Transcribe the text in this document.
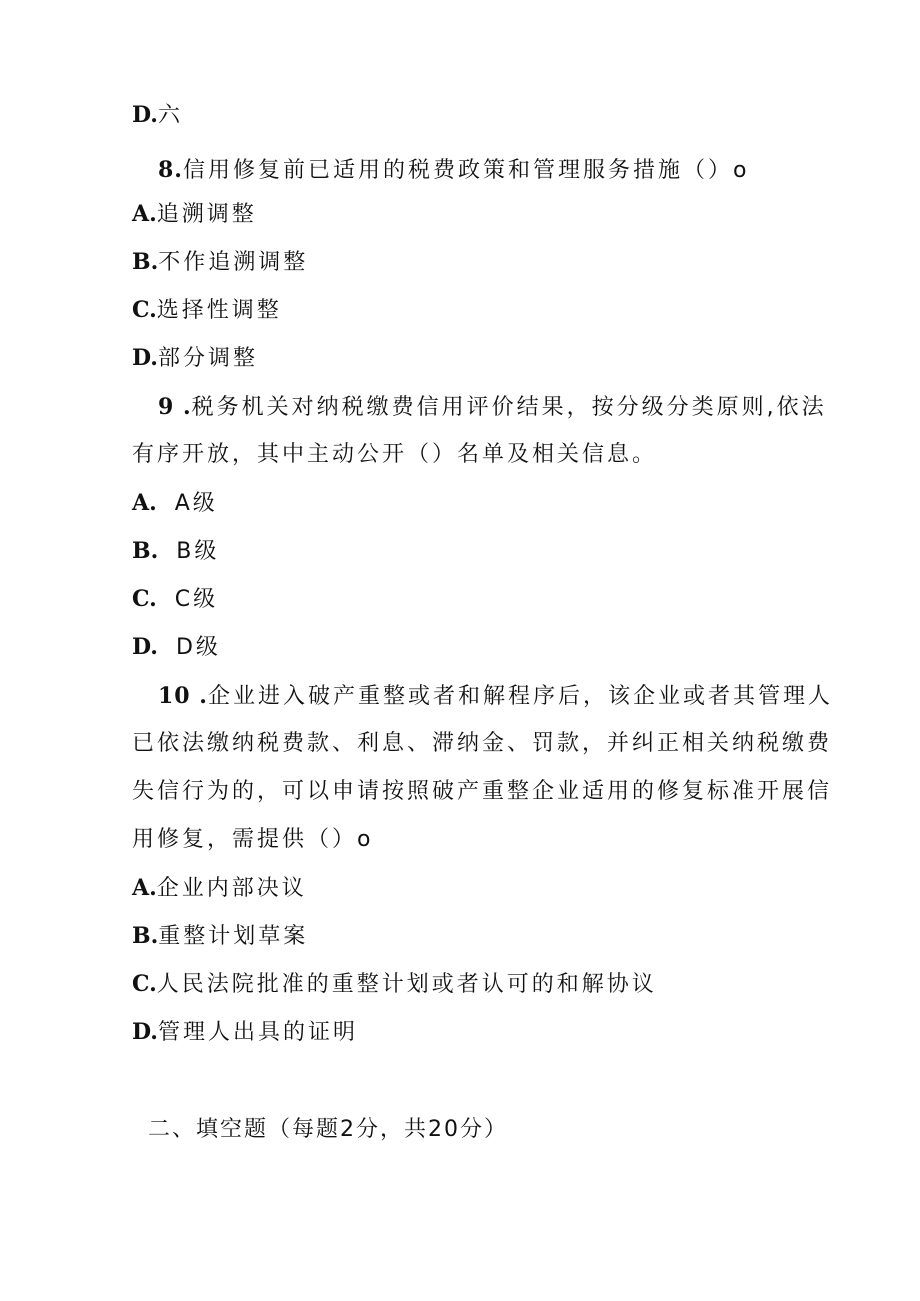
D.六
8.信用修复前已适用的税费政策和管理服务措施（）o
A.追溯调整
B.不作追溯调整
C.选择性调整
D.部分调整
9 .税务机关对纳税缴费信用评价结果，按分级分类原则,依法
有序开放，其中主动公开（）名单及相关信息。
A. A级
B. B级
C. C级
D. D级
10 .企业进入破产重整或者和解程序后，该企业或者其管理人
已依法缴纳税费款、利息、滞纳金、罚款，并纠正相关纳税缴费
失信行为的，可以申请按照破产重整企业适用的修复标准开展信
用修复，需提供（）o
A.企业内部决议
B.重整计划草案
C.人民法院批准的重整计划或者认可的和解协议
D.管理人出具的证明
二、填空题（每题2分，共20分）
